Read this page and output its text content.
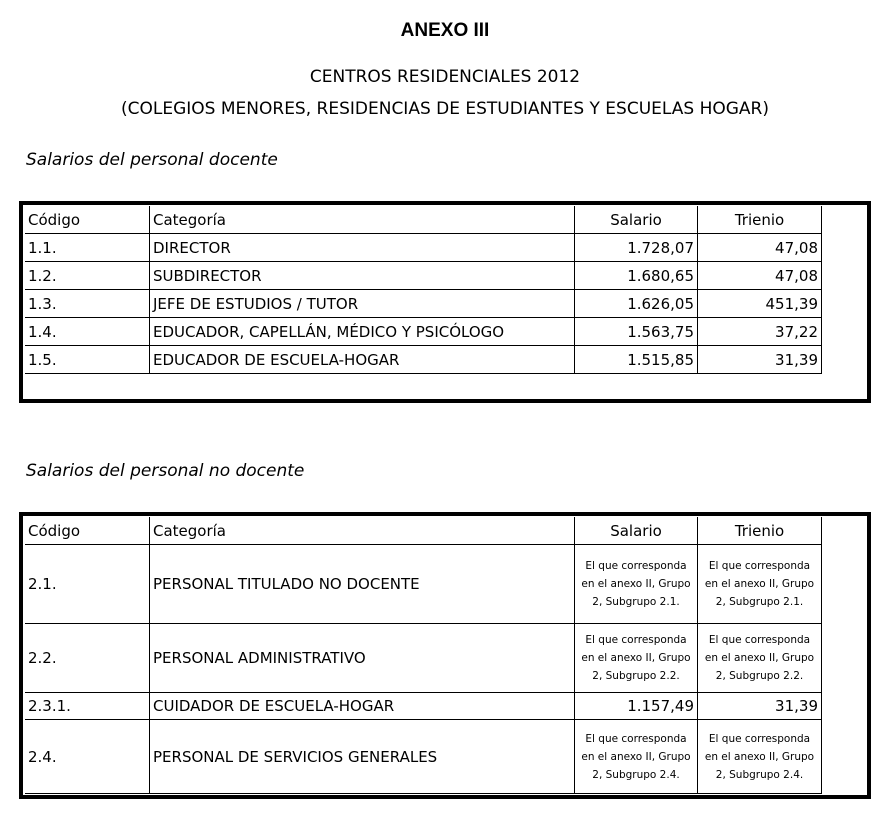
ANEXO III
CENTROS RESIDENCIALES 2012
(COLEGIOS MENORES, RESIDENCIAS DE ESTUDIANTES Y ESCUELAS HOGAR)
Salarios del personal docente
Código	Categoría	Salario	Trienio
1.1.	DIRECTOR	1.728,07	47,08
1.2.	SUBDIRECTOR	1.680,65	47,08
1.3.	JEFE DE ESTUDIOS / TUTOR	1.626,05	451,39
1.4.	EDUCADOR, CAPELLÁN, MÉDICO Y PSICÓLOGO	1.563,75	37,22
1.5.	EDUCADOR DE ESCUELA-HOGAR	1.515,85	31,39
Salarios del personal no docente
Código	Categoría	Salario	Trienio
2.1.	PERSONAL TITULADO NO DOCENTE	El que corresponda en el anexo II, Grupo 2, Subgrupo 2.1.	El que corresponda en el anexo II, Grupo 2, Subgrupo 2.1.
2.2.	PERSONAL ADMINISTRATIVO	El que corresponda en el anexo II, Grupo 2, Subgrupo 2.2.	El que corresponda en el anexo II, Grupo 2, Subgrupo 2.2.
2.3.1.	CUIDADOR DE ESCUELA-HOGAR	1.157,49	31,39
2.4.	PERSONAL DE SERVICIOS GENERALES	El que corresponda en el anexo II, Grupo 2, Subgrupo 2.4.	El que corresponda en el anexo II, Grupo 2, Subgrupo 2.4.
